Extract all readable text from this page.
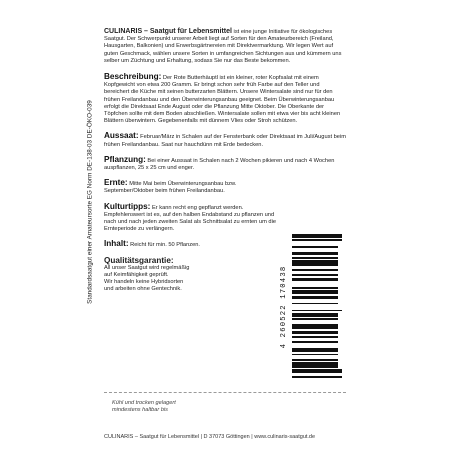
Standardsaatgut einer Amateursorte EG Norm DE-138-03 DE-ÖKO-039

CULINARIS – Saatgut für Lebensmittel ist eine junge Initiative für ökologisches Saatgut. Der Schwerpunkt unserer Arbeit liegt auf Sorten für den Amateurbereich (Freiland, Hausgarten, Balkonien) und Erwerbsgärtnereien mit Direktvermarktung. Wir legen Wert auf guten Geschmack, wählen unsere Sorten in umfangreichen Sichtungen aus und kümmern uns selber um Züchtung und Erhaltung, sodass Sie nur das Beste bekommen.

Beschreibung: Der Rote Butterhäuptl ist ein kleiner, roter Kopfsalat mit einem Kopfgewicht von etwa 200 Gramm. Er bringt schon sehr früh Farbe auf den Teller und bereichert die Küche mit seinen butterzarten Blättern. Unsere Wintersalate sind nur für den frühen Freilandanbau und den Überwinterungsanbau geeignet. Beim Überwinterungsanbau erfolgt die Direktsaat Ende August oder die Pflanzung Mitte Oktober. Die Oberkante der Töpfchen sollte mit dem Boden abschließen. Wintersalate sollen mit etwa vier bis acht kleinen Blättern überwintern. Gegebenenfalls mit dünnem Vlies oder Stroh schützen.

Aussaat: Februar/März in Schalen auf der Fensterbank oder Direktsaat im Juli/August beim frühen Freilandanbau. Saat nur hauchdünn mit Erde bedecken.

Pflanzung: Bei einer Aussaat in Schalen nach 2 Wochen pikieren und nach 4 Wochen auspflanzen, 25 x 25 cm und enger.

Ernte: Mitte Mai beim Überwinterungsanbau bzw. September/Oktober beim frühen Freilandanbau.

Kulturtipps: Er kann recht eng gepflanzt werden. Empfehlenswert ist es, auf den halben Endabstand zu pflanzen und nach und nach jeden zweiten Salat als Schnittsalat zu ernten um die Ernteperiode zu verlängern.

Inhalt: Reicht für min. 50 Pflanzen.

Qualitätsgarantie:
All unser Saatgut wird regelmäßig
auf Keimfähigkeit geprüft.
Wir handeln keine Hybridsorten
und arbeiten ohne Gentechnik.	4 260522 170438
Kühl und trocken gelagert
mindestens haltbar bis
CULINARIS – Saatgut für Lebensmittel | D 37073 Göttingen | www.culinaris-saatgut.de
